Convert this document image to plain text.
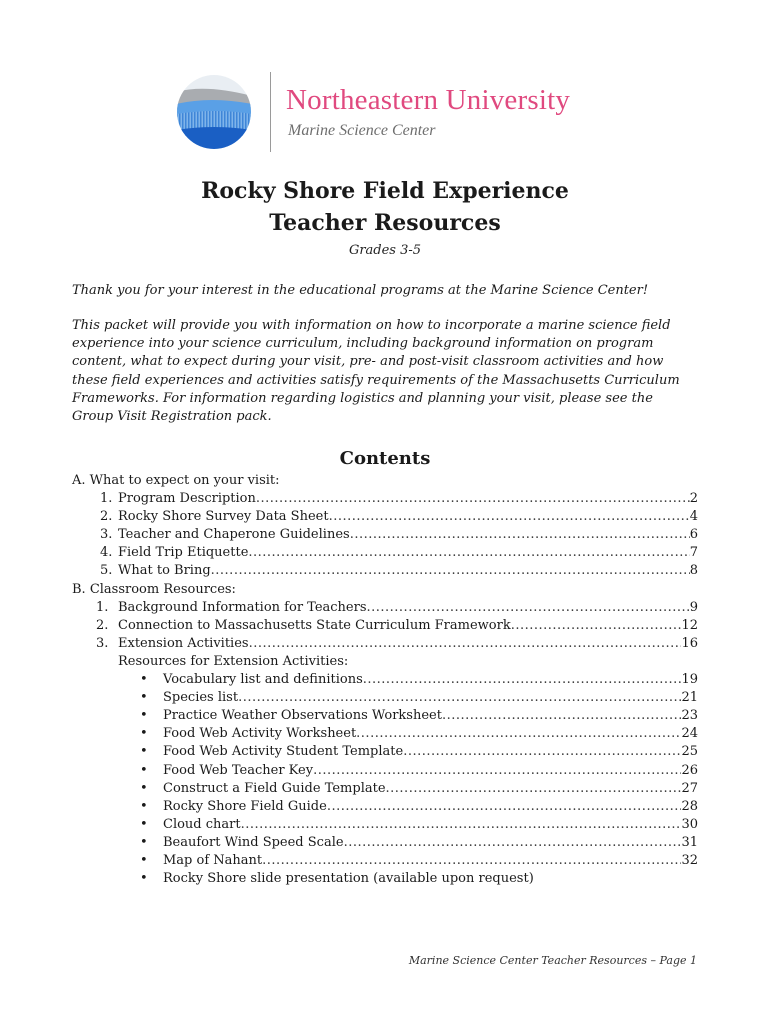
Northeastern University
Marine Science Center
Rocky Shore Field Experience
Teacher Resources
Grades 3-5
Thank you for your interest in the educational programs at the Marine Science Center!
This packet will provide you with information on how to incorporate a marine science field experience into your science curriculum, including background information on program content, what to expect during your visit, pre- and post-visit classroom activities and how these field experiences and activities satisfy requirements of the Massachusetts Curriculum Frameworks. For information regarding logistics and planning your visit, please see the Group Visit Registration pack.
Contents
A. What to expect on your visit:
1. Program Description .....	2
2. Rocky Shore Survey Data Sheet .....	4
3. Teacher and Chaperone Guidelines .....	6
4. Field Trip Etiquette .....	7
5. What to Bring .....	8
B. Classroom Resources:
1. Background Information for Teachers .....	9
2. Connection to Massachusetts State Curriculum Framework .....	12
3. Extension Activities .....	16
Resources for Extension Activities:
• Vocabulary list and definitions .....	19
• Species list .....	21
• Practice Weather Observations Worksheet .....	23
• Food Web Activity Worksheet .....	24
• Food Web Activity Student Template .....	25
• Food Web Teacher Key .....	26
• Construct a Field Guide Template .....	27
• Rocky Shore Field Guide .....	28
• Cloud chart .....	30
• Beaufort Wind Speed Scale .....	31
• Map of Nahant .....	32
• Rocky Shore slide presentation (available upon request)
Marine Science Center Teacher Resources – Page 1
